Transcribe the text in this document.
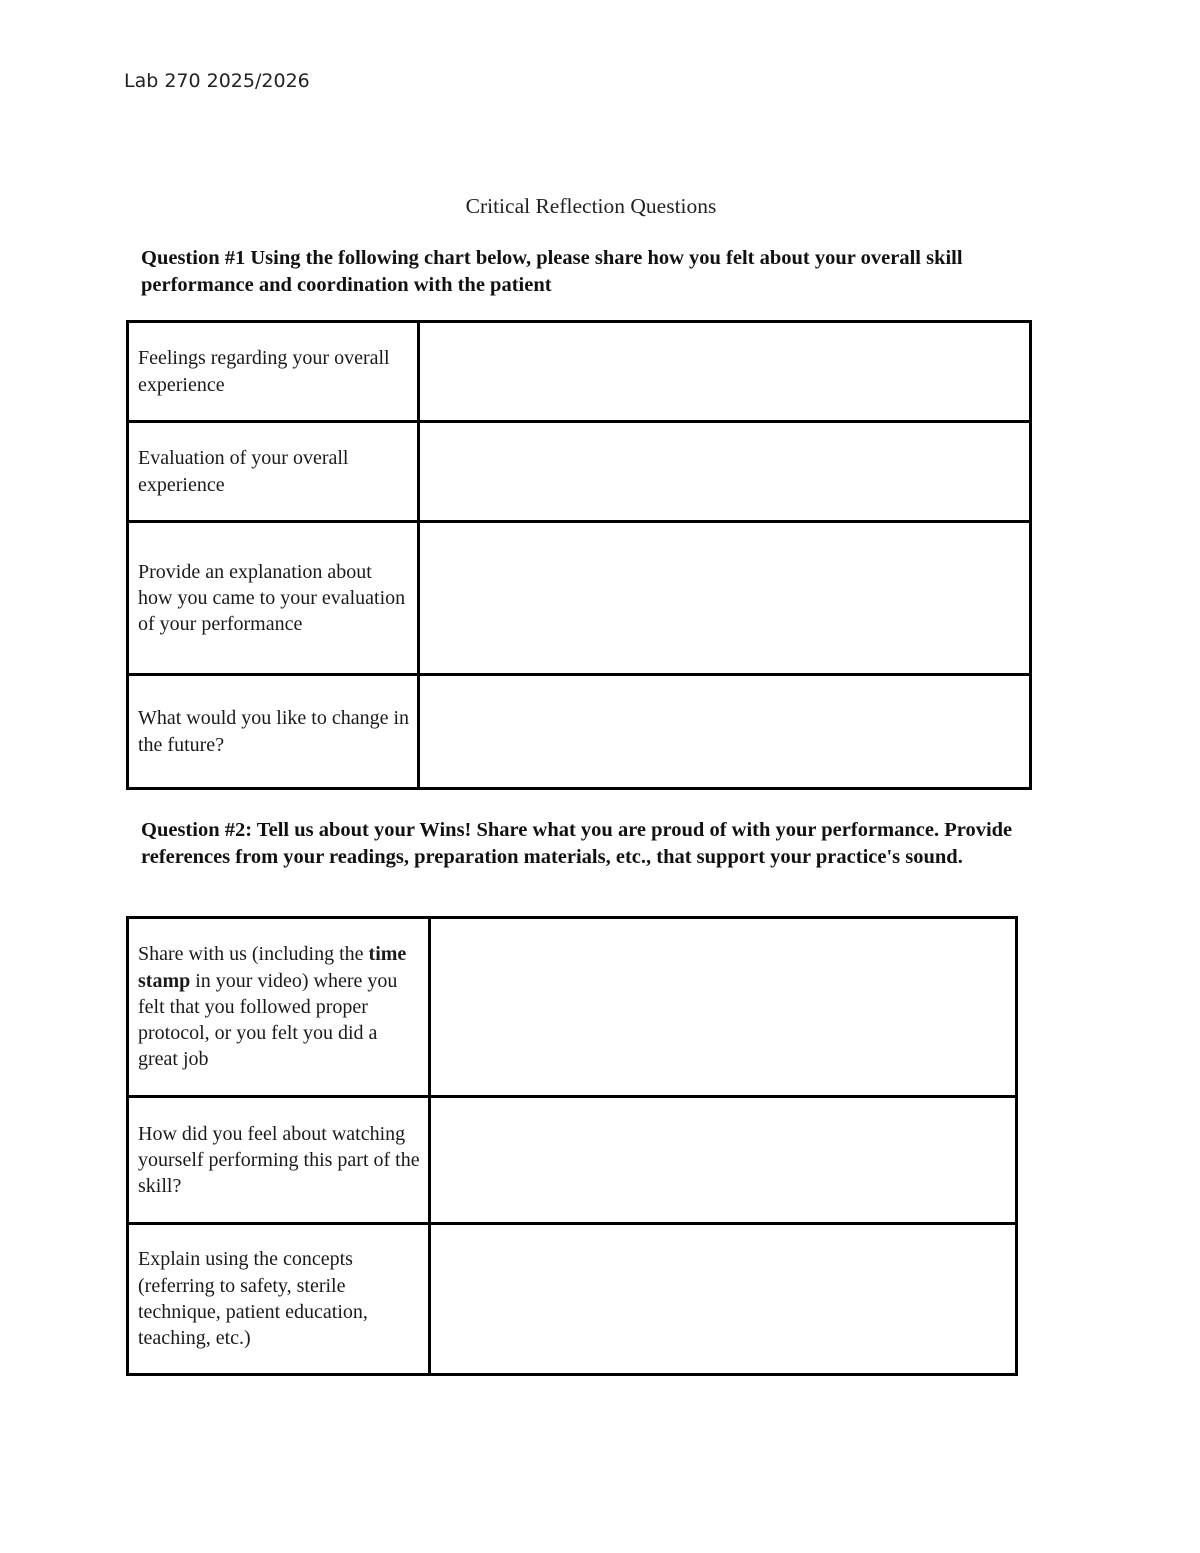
Lab 270 2025/2026
Critical Reflection Questions
Question #1 Using the following chart below, please share how you felt about your overall skill performance and coordination with the patient
Feelings regarding your overall experience	
Evaluation of your overall experience	
Provide an explanation about how you came to your evaluation of your performance	
What would you like to change in the future?	
Question #2: Tell us about your Wins! Share what you are proud of with your performance. Provide references from your readings, preparation materials, etc., that support your practice's sound.
Share with us (including the time stamp in your video) where you felt that you followed proper protocol, or you felt you did a great job	
How did you feel about watching yourself performing this part of the skill?	
Explain using the concepts (referring to safety, sterile technique, patient education, teaching, etc.)	
